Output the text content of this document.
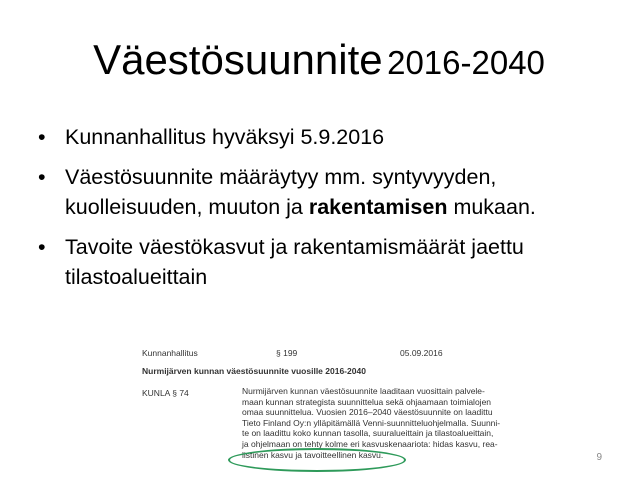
Väestösuunnite 2016-2040
• Kunnanhallitus hyväksyi 5.9.2016
• Väestösuunnite määräytyy mm. syntyvyyden, kuolleisuuden, muuton ja rakentamisen mukaan.
• Tavoite väestökasvut ja rakentamismäärät jaettu tilastoalueittain
Kunnanhallitus	§ 199	05.09.2016
Nurmijärven kunnan väestösuunnite vuosille 2016-2040
KUNLA § 74	Nurmijärven kunnan väestösuunnite laaditaan vuosittain palvele-
maan kunnan strategista suunnittelua sekä ohjaamaan toimialojen
omaa suunnittelua. Vuosien 2016–2040 väestösuunnite on laadittu
Tieto Finland Oy:n ylläpitämällä Venni-suunnitteluohjelmalla. Suunni-
te on laadittu koko kunnan tasolla, suuralueittain ja tilastoalueittain,
ja ohjelmaan on tehty kolme eri kasvuskenaariota: hidas kasvu, rea-
listinen kasvu ja tavoitteellinen kasvu.	9
